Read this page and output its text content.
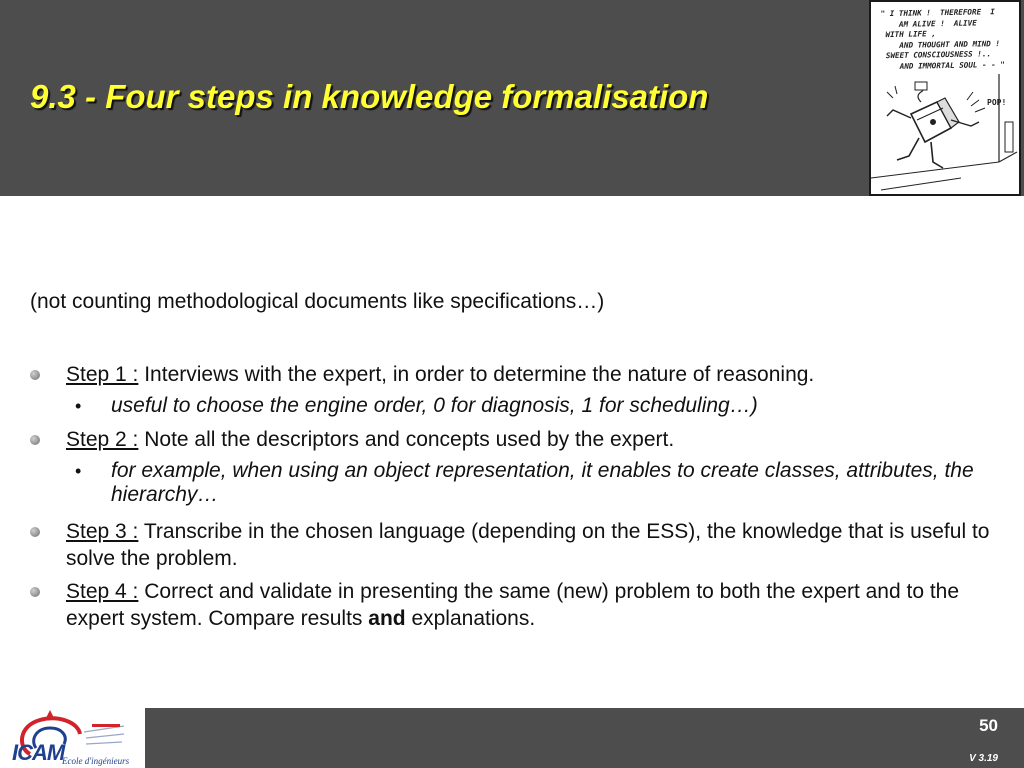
9.3 - Four steps in knowledge formalisation
" I THINK !  THEREFORE  I
AM ALIVE !  ALIVE
WITH LIFE ,
AND THOUGHT AND MIND !
SWEET CONSCIOUSNESS !..
AND IMMORTAL SOUL - - "
POP!

(not counting methodological documents like specifications…)

Step 1 : Interviews with the expert, in order to determine the nature of reasoning.
• useful to choose the engine order, 0 for diagnosis, 1 for scheduling…)
Step 2 : Note all the descriptors and concepts used by the expert.
• for example, when using an object representation, it enables to create classes, attributes, the hierarchy…
Step 3 : Transcribe in the chosen language (depending on the ESS), the knowledge that is useful to solve the problem.
Step 4 : Correct and validate in presenting the same (new) problem to both the expert and to the expert system. Compare results and explanations.
ICAM
Ecole d'ingénieurs
50
V 3.19
